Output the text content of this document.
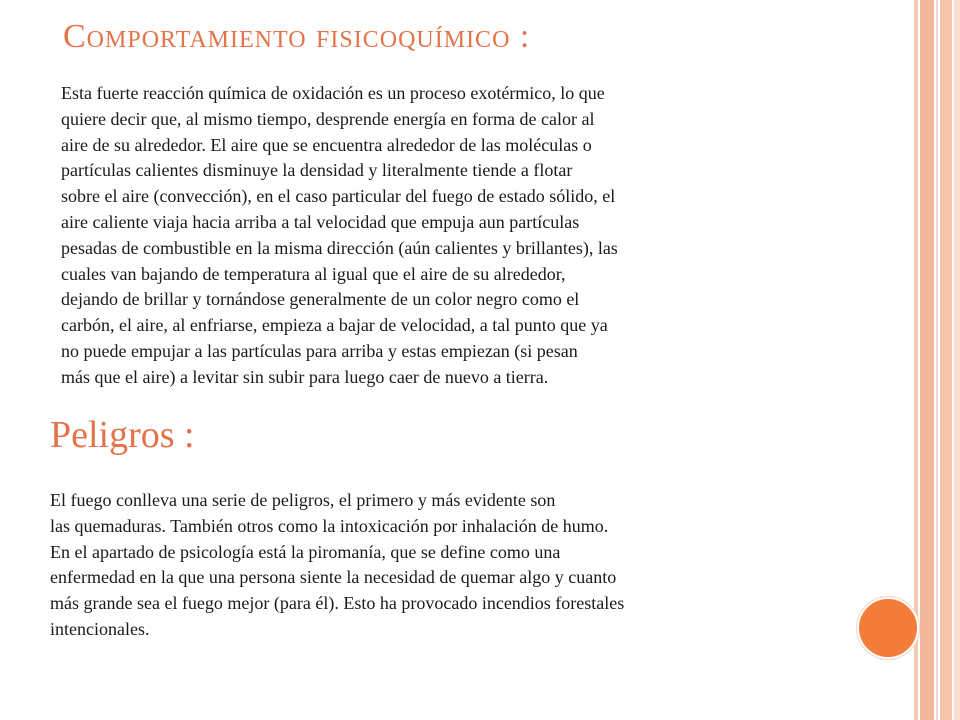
Comportamiento fisicoquímico :

Esta fuerte reacción química de oxidación es un proceso exotérmico, lo que
quiere decir que, al mismo tiempo, desprende energía en forma de calor al
aire de su alrededor. El aire que se encuentra alrededor de las moléculas o
partículas calientes disminuye la densidad y literalmente tiende a flotar
sobre el aire (convección), en el caso particular del fuego de estado sólido, el
aire caliente viaja hacia arriba a tal velocidad que empuja aun partículas
pesadas de combustible en la misma dirección (aún calientes y brillantes), las
cuales van bajando de temperatura al igual que el aire de su alrededor,
dejando de brillar y tornándose generalmente de un color negro como el
carbón, el aire, al enfriarse, empieza a bajar de velocidad, a tal punto que ya
no puede empujar a las partículas para arriba y estas empiezan (si pesan
más que el aire) a levitar sin subir para luego caer de nuevo a tierra.

Peligros :

El fuego conlleva una serie de peligros, el primero y más evidente son
las quemaduras. También otros como la intoxicación por inhalación de humo.
En el apartado de psicología está la piromanía, que se define como una
enfermedad en la que una persona siente la necesidad de quemar algo y cuanto
más grande sea el fuego mejor (para él). Esto ha provocado incendios forestales
intencionales.
